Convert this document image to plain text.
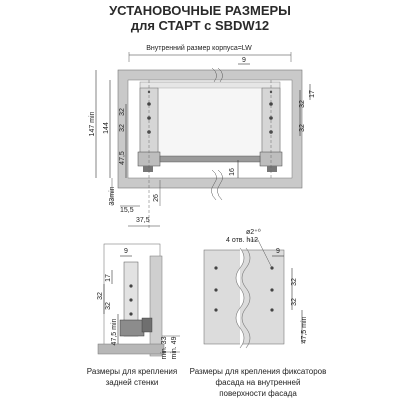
УСТАНОВОЧНЫЕ РАЗМЕРЫ
для СТАРТ с SBDW12
Внутренний размер корпуса=LW
9
147 min 144
32
32
47,5
17
32
32
16
33min
15,5
37,5
26
9
17
32
32
47,5 min
min. 33 min. 49
Размеры для крепления
задней стенки
ø2⁺⁰
4 отв. h12
9
32
32
47,5 min
Размеры для крепления фиксаторов
фасада на внутренней
поверхности фасада
